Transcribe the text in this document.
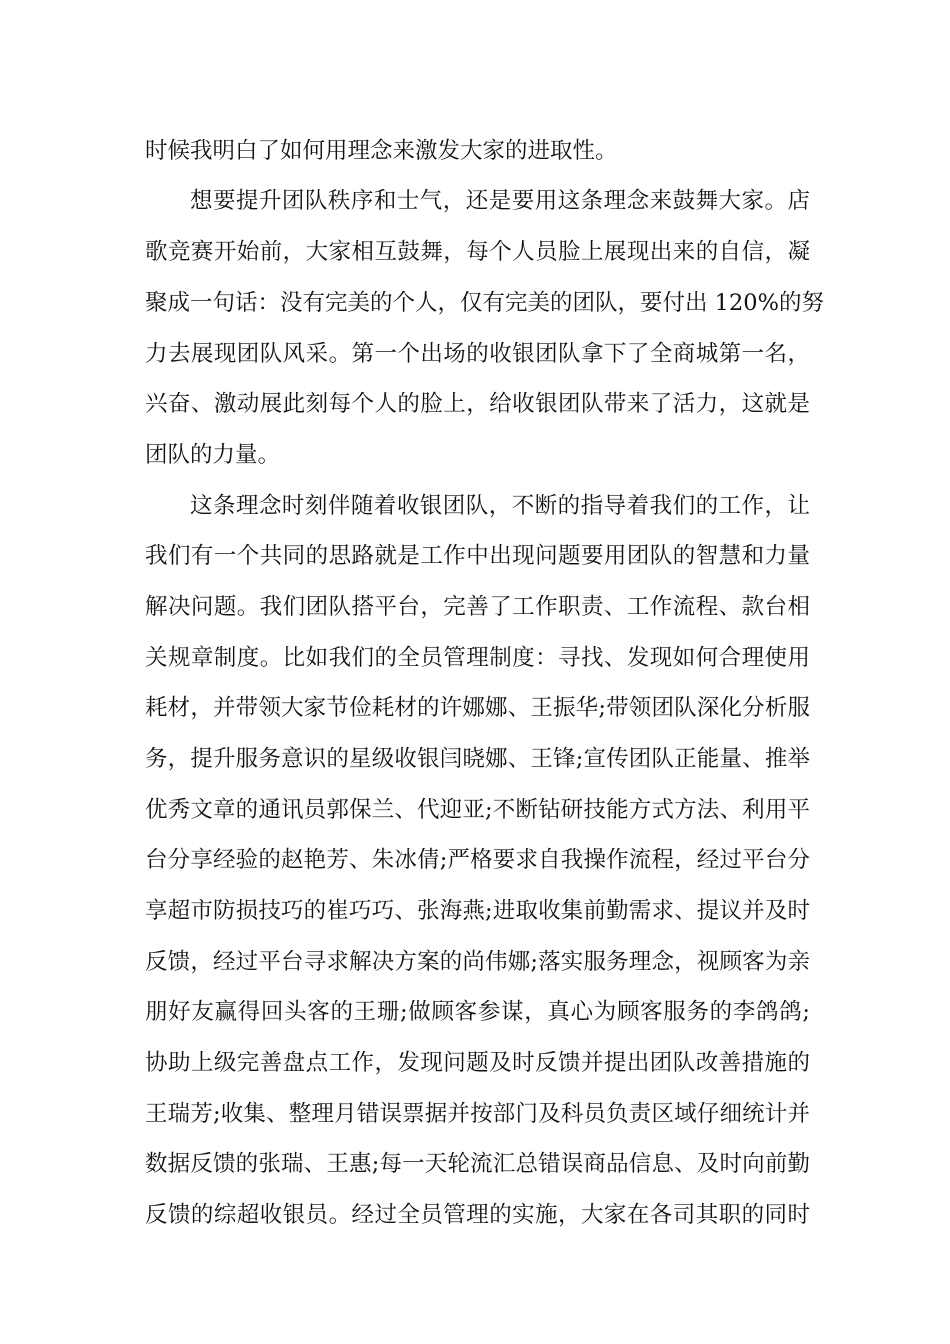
时候我明白了如何用理念来激发大家的进取性。
想要提升团队秩序和士气，还是要用这条理念来鼓舞大家。店
歌竞赛开始前，大家相互鼓舞，每个人员脸上展现出来的自信，凝
聚成一句话：没有完美的个人，仅有完美的团队，要付出 120%的努
力去展现团队风采。第一个出场的收银团队拿下了全商城第一名，
兴奋、激动展此刻每个人的脸上，给收银团队带来了活力，这就是
团队的力量。
这条理念时刻伴随着收银团队，不断的指导着我们的工作，让
我们有一个共同的思路就是工作中出现问题要用团队的智慧和力量
解决问题。我们团队搭平台，完善了工作职责、工作流程、款台相
关规章制度。比如我们的全员管理制度：寻找、发现如何合理使用
耗材，并带领大家节俭耗材的许娜娜、王振华;带领团队深化分析服
务，提升服务意识的星级收银闫晓娜、王锋;宣传团队正能量、推举
优秀文章的通讯员郭保兰、代迎亚;不断钻研技能方式方法、利用平
台分享经验的赵艳芳、朱冰倩;严格要求自我操作流程，经过平台分
享超市防损技巧的崔巧巧、张海燕;进取收集前勤需求、提议并及时
反馈，经过平台寻求解决方案的尚伟娜;落实服务理念，视顾客为亲
朋好友赢得回头客的王珊;做顾客参谋，真心为顾客服务的李鸽鸽;
协助上级完善盘点工作，发现问题及时反馈并提出团队改善措施的
王瑞芳;收集、整理月错误票据并按部门及科员负责区域仔细统计并
数据反馈的张瑞、王惠;每一天轮流汇总错误商品信息、及时向前勤
反馈的综超收银员。经过全员管理的实施，大家在各司其职的同时
